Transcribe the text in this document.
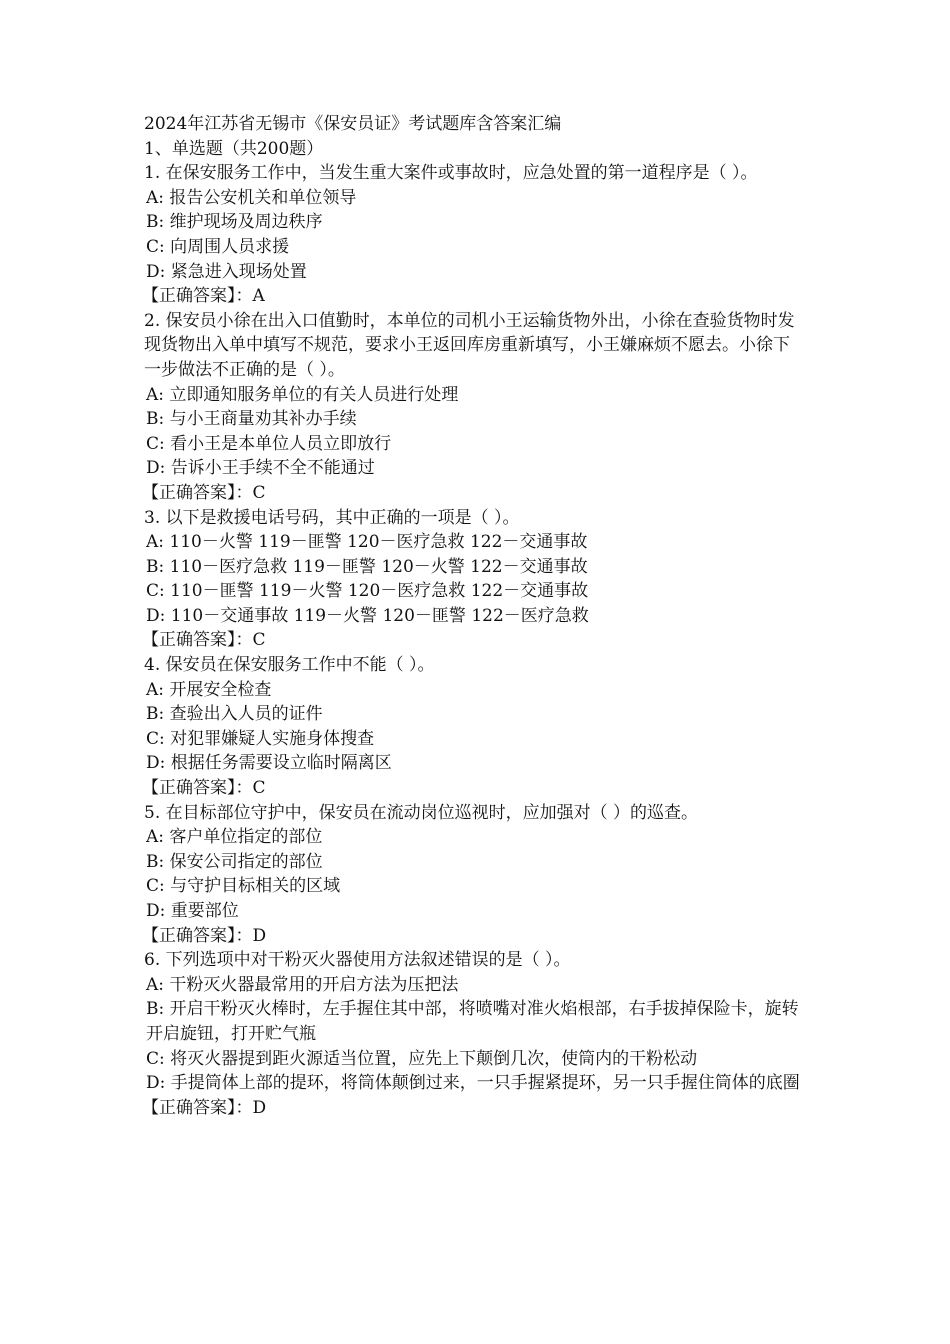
2024年江苏省无锡市《保安员证》考试题库含答案汇编

1、单选题（共200题）

1. 在保安服务工作中，当发生重大案件或事故时，应急处置的第一道程序是（ ）。

A: 报告公安机关和单位领导

B: 维护现场及周边秩序

C: 向周围人员求援

D: 紧急进入现场处置

【正确答案】：A

2. 保安员小徐在出入口值勤时，本单位的司机小王运输货物外出，小徐在查验货物时发现货物出入单中填写不规范，要求小王返回库房重新填写，小王嫌麻烦不愿去。小徐下一步做法不正确的是（ ）。

A: 立即通知服务单位的有关人员进行处理

B: 与小王商量劝其补办手续

C: 看小王是本单位人员立即放行

D: 告诉小王手续不全不能通过

【正确答案】：C

3. 以下是救援电话号码，其中正确的一项是（ ）。

A: 110－火警 119－匪警 120－医疗急救 122－交通事故

B: 110－医疗急救 119－匪警 120－火警 122－交通事故

C: 110－匪警 119－火警 120－医疗急救 122－交通事故

D: 110－交通事故 119－火警 120－匪警 122－医疗急救

【正确答案】：C

4. 保安员在保安服务工作中不能（ ）。

A: 开展安全检查

B: 查验出入人员的证件

C: 对犯罪嫌疑人实施身体搜查

D: 根据任务需要设立临时隔离区

【正确答案】：C

5. 在目标部位守护中，保安员在流动岗位巡视时，应加强对（ ）的巡查。

A: 客户单位指定的部位

B: 保安公司指定的部位

C: 与守护目标相关的区域

D: 重要部位

【正确答案】：D

6. 下列选项中对干粉灭火器使用方法叙述错误的是（ ）。

A: 干粉灭火器最常用的开启方法为压把法

B: 开启干粉灭火棒时，左手握住其中部，将喷嘴对准火焰根部，右手拔掉保险卡，旋转开启旋钮，打开贮气瓶

C: 将灭火器提到距火源适当位置，应先上下颠倒几次，使筒内的干粉松动

D: 手提筒体上部的提环，将筒体颠倒过来，一只手握紧提环，另一只手握住筒体的底圈

【正确答案】：D
